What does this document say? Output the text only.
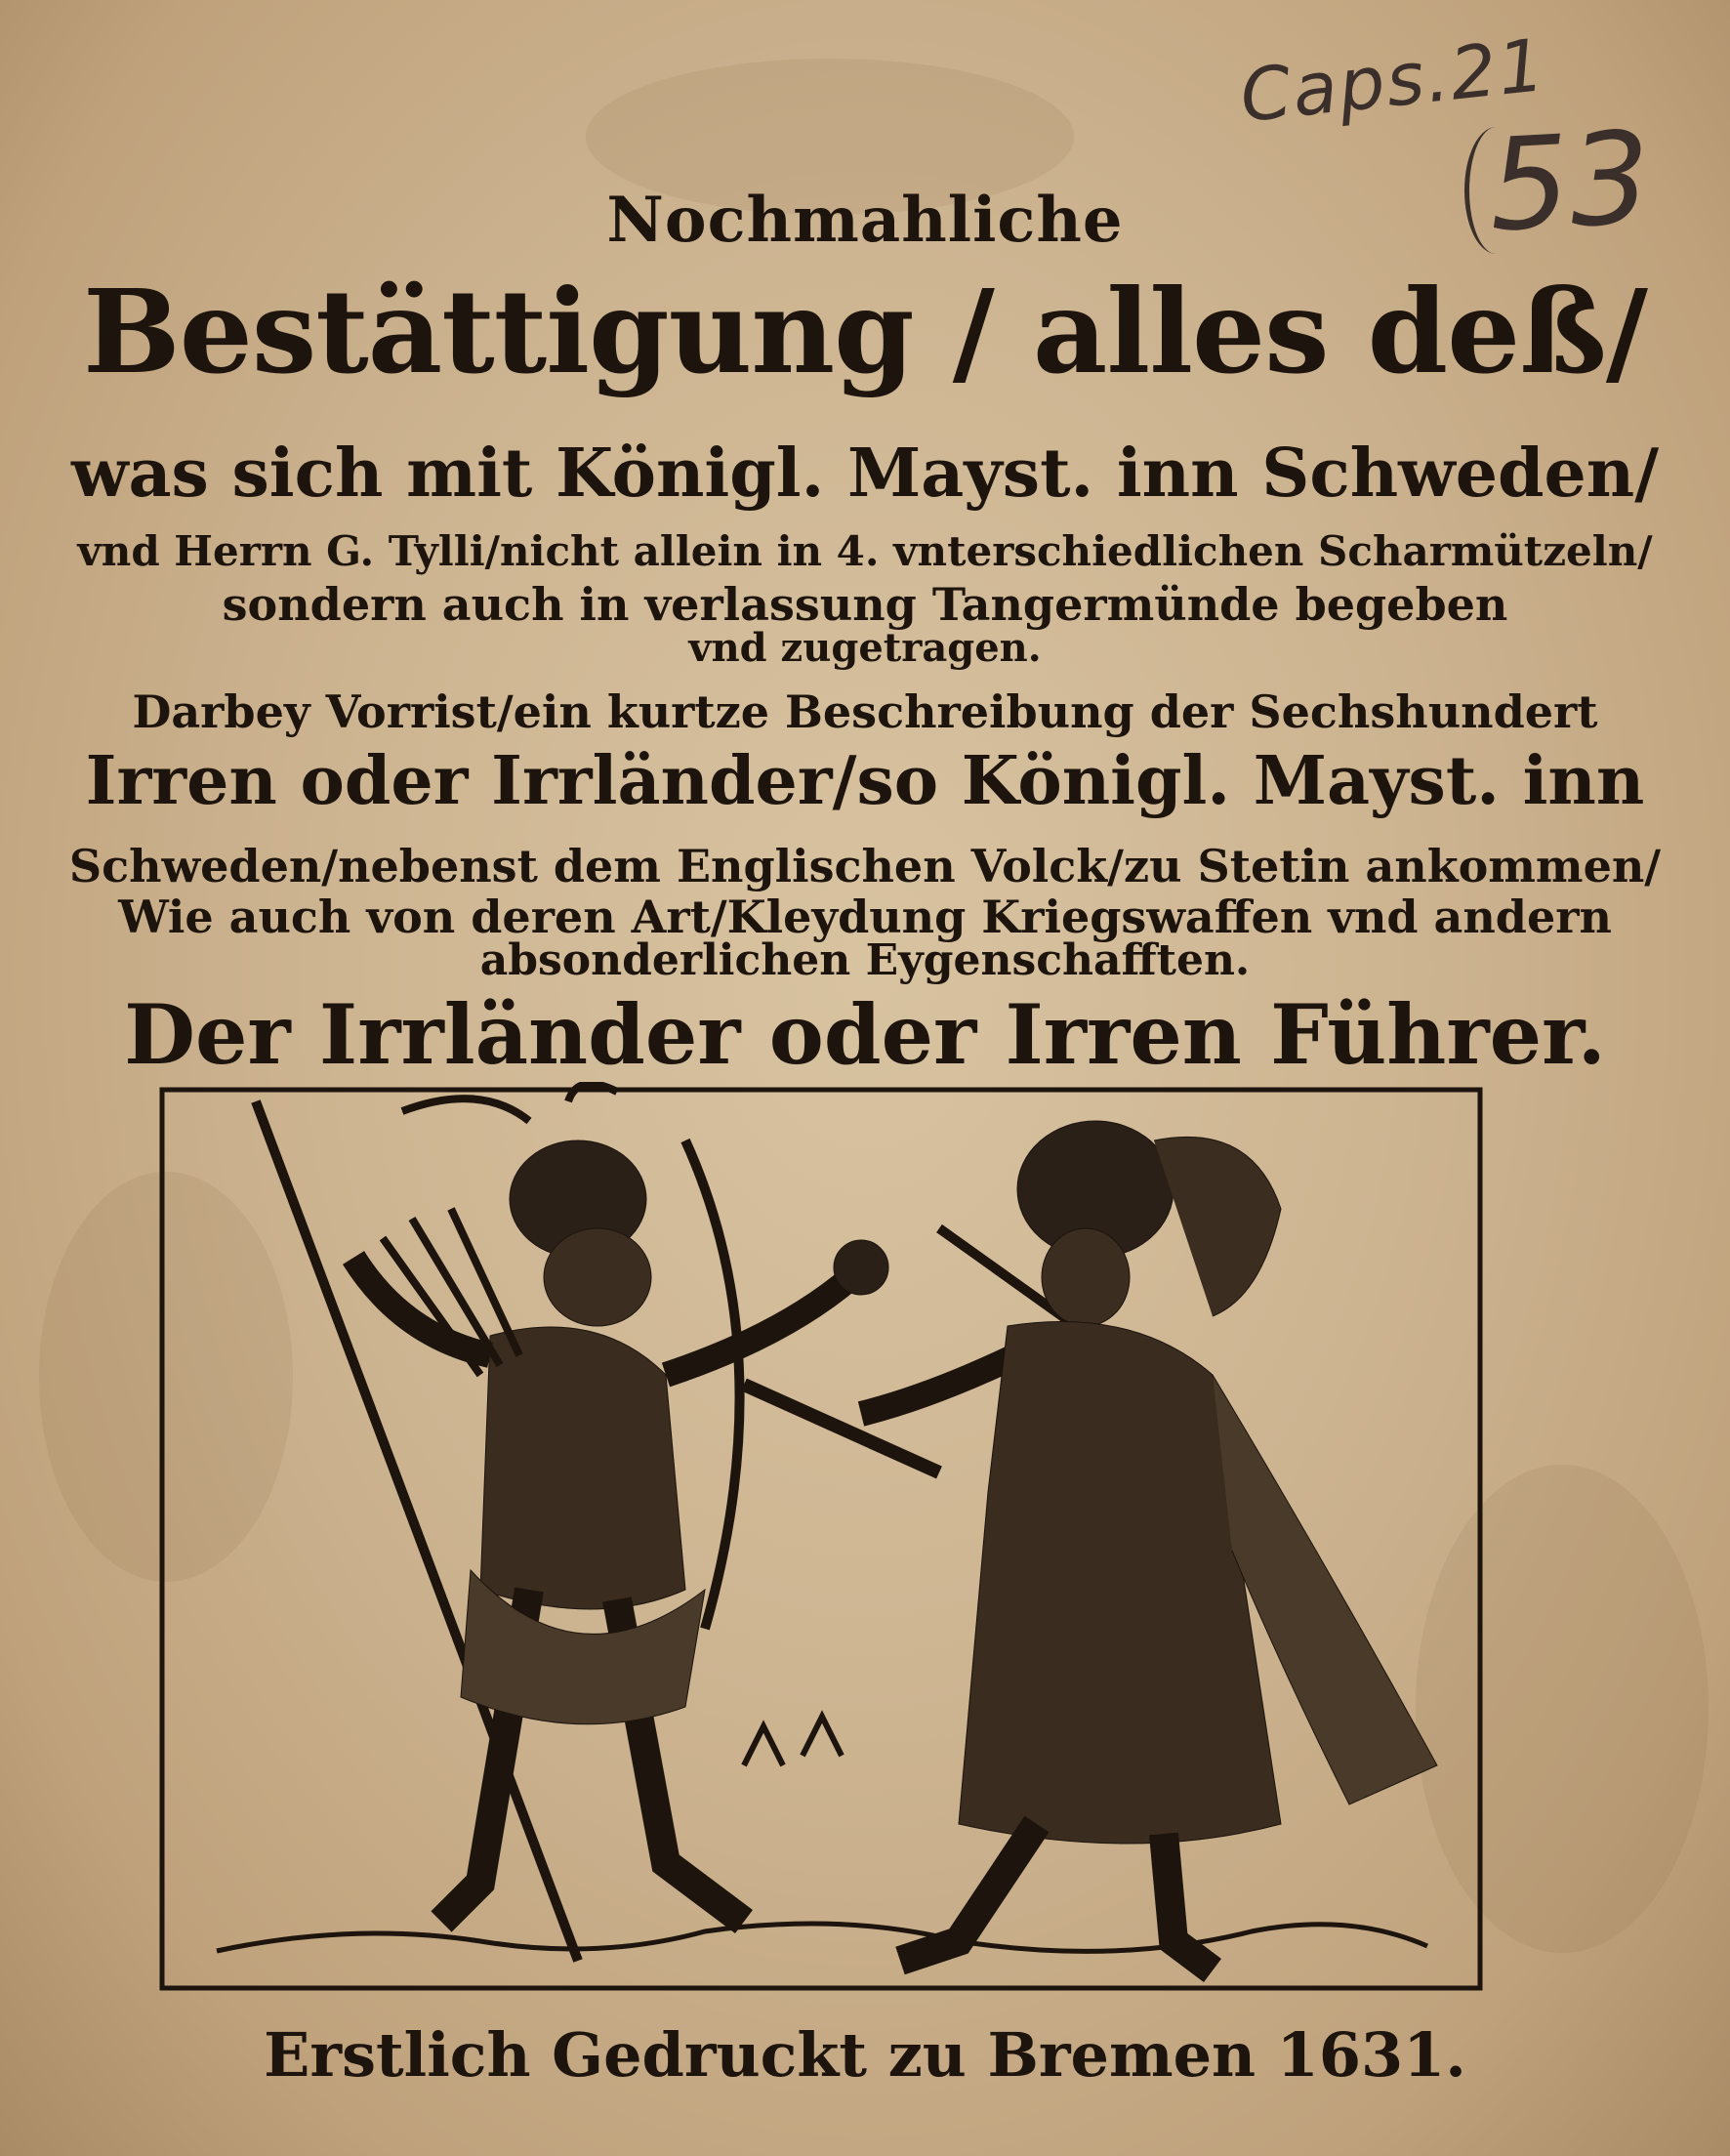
Caps.21
53
Nochmahliche
Bestättigung / alles deß/
was sich mit Königl. Mayst. inn Schweden/
vnd Herrn G. Tylli/nicht allein in 4. vnterschiedlichen Scharmützeln/
sondern auch in verlassung Tangermünde begeben
vnd zugetragen.
Darbey Vorrist/ein kurtze Beschreibung der Sechshundert
Irren oder Irrländer/so Königl. Mayst. inn
Schweden/nebenst dem Englischen Volck/zu Stetin ankommen/
Wie auch von deren Art/Kleydung Kriegswaffen vnd andern
absonderlichen Eygenschafften.
Der Irrländer oder Irren Führer.
Erstlich Gedruckt zu Bremen 1631.
